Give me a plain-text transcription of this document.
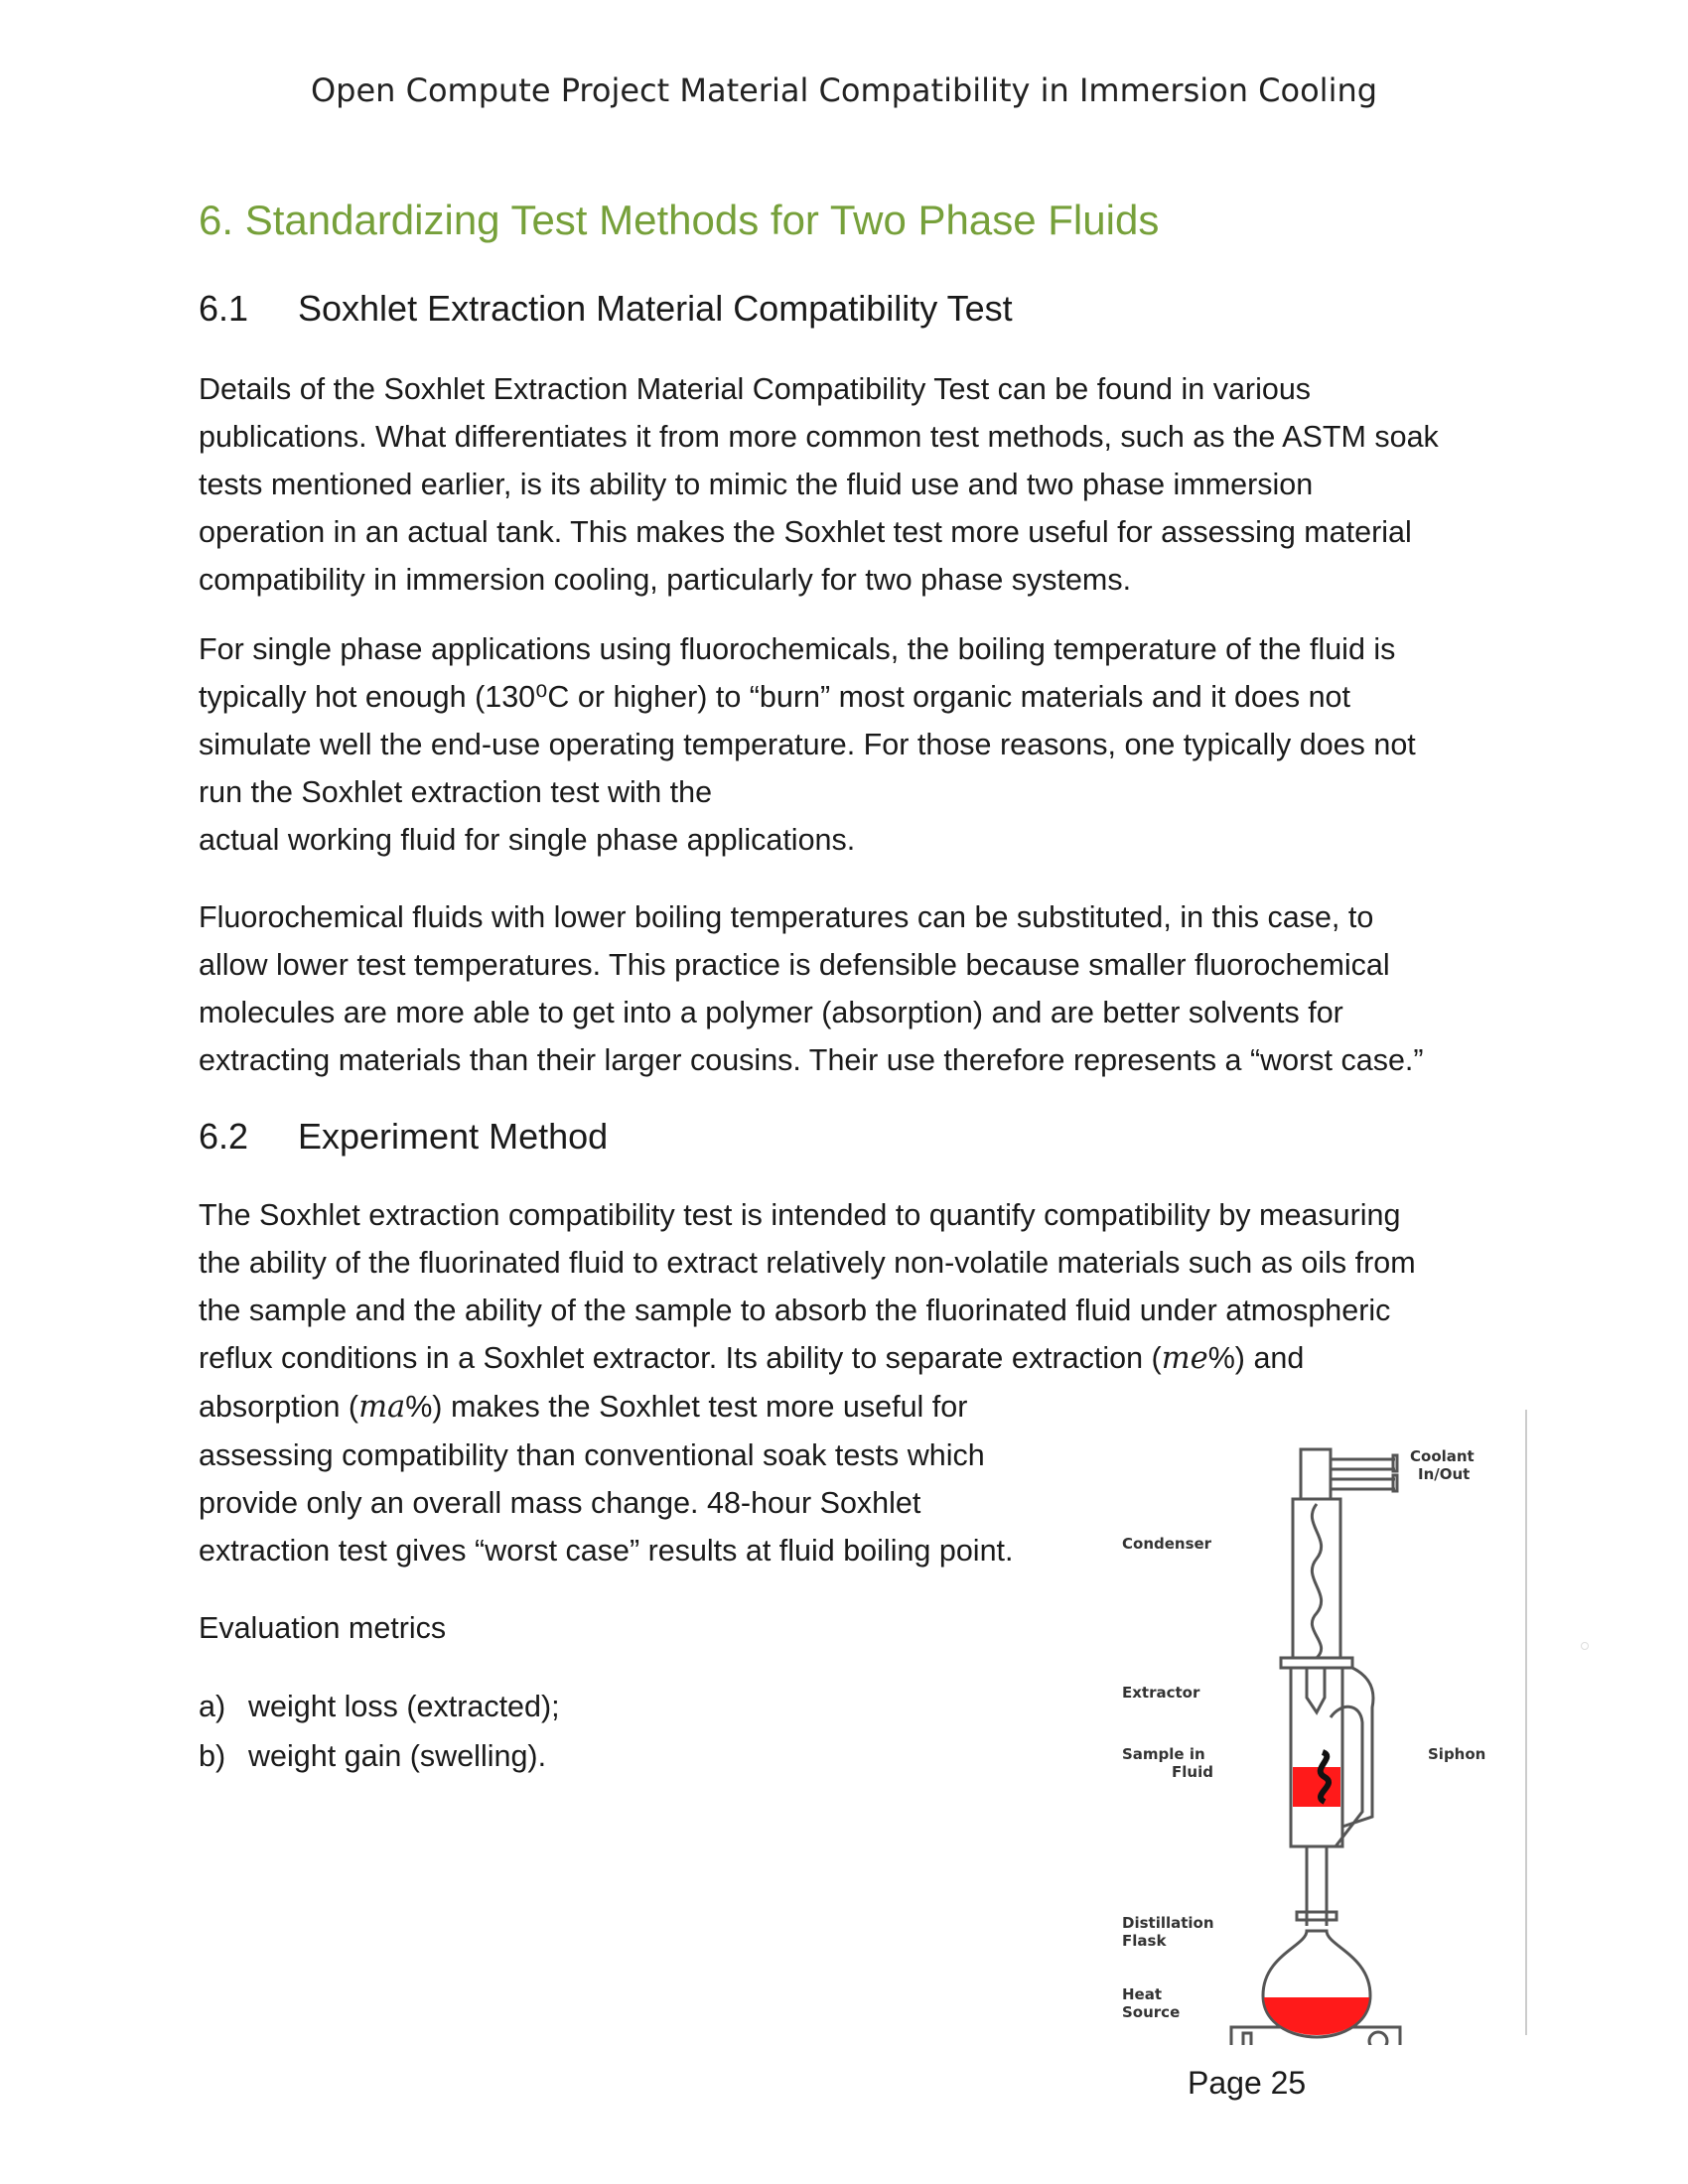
Open Compute Project Material Compatibility in Immersion Cooling
6. Standardizing Test Methods for Two Phase Fluids
6.1 Soxhlet Extraction Material Compatibility Test

Details of the Soxhlet Extraction Material Compatibility Test can be found in various
publications. What differentiates it from more common test methods, such as the ASTM soak
tests mentioned earlier, is its ability to mimic the fluid use and two phase immersion
operation in an actual tank. This makes the Soxhlet test more useful for assessing material
compatibility in immersion cooling, particularly for two phase systems.

For single phase applications using fluorochemicals, the boiling temperature of the fluid is
typically hot enough (130⁰C or higher) to “burn” most organic materials and it does not
simulate well the end-use operating temperature. For those reasons, one typically does not
run the Soxhlet extraction test with the
actual working fluid for single phase applications.

Fluorochemical fluids with lower boiling temperatures can be substituted, in this case, to
allow lower test temperatures. This practice is defensible because smaller fluorochemical
molecules are more able to get into a polymer (absorption) and are better solvents for
extracting materials than their larger cousins. Their use therefore represents a “worst case.”

6.2 Experiment Method

The Soxhlet extraction compatibility test is intended to quantify compatibility by measuring
the ability of the fluorinated fluid to extract relatively non-volatile materials such as oils from
the sample and the ability of the sample to absorb the fluorinated fluid under atmospheric
reflux conditions in a Soxhlet extractor. Its ability to separate extraction (me%) and
absorption (ma%) makes the Soxhlet test more useful for
assessing compatibility than conventional soak tests which
provide only an overall mass change. 48-hour Soxhlet
extraction test gives “worst case” results at fluid boiling point.

Evaluation metrics

a) weight loss (extracted);
b) weight gain (swelling).
Coolant
In/Out
Condenser
Extractor
Sample in
Fluid
Siphon
Distillation
Flask
Heat
Source
Page 25
